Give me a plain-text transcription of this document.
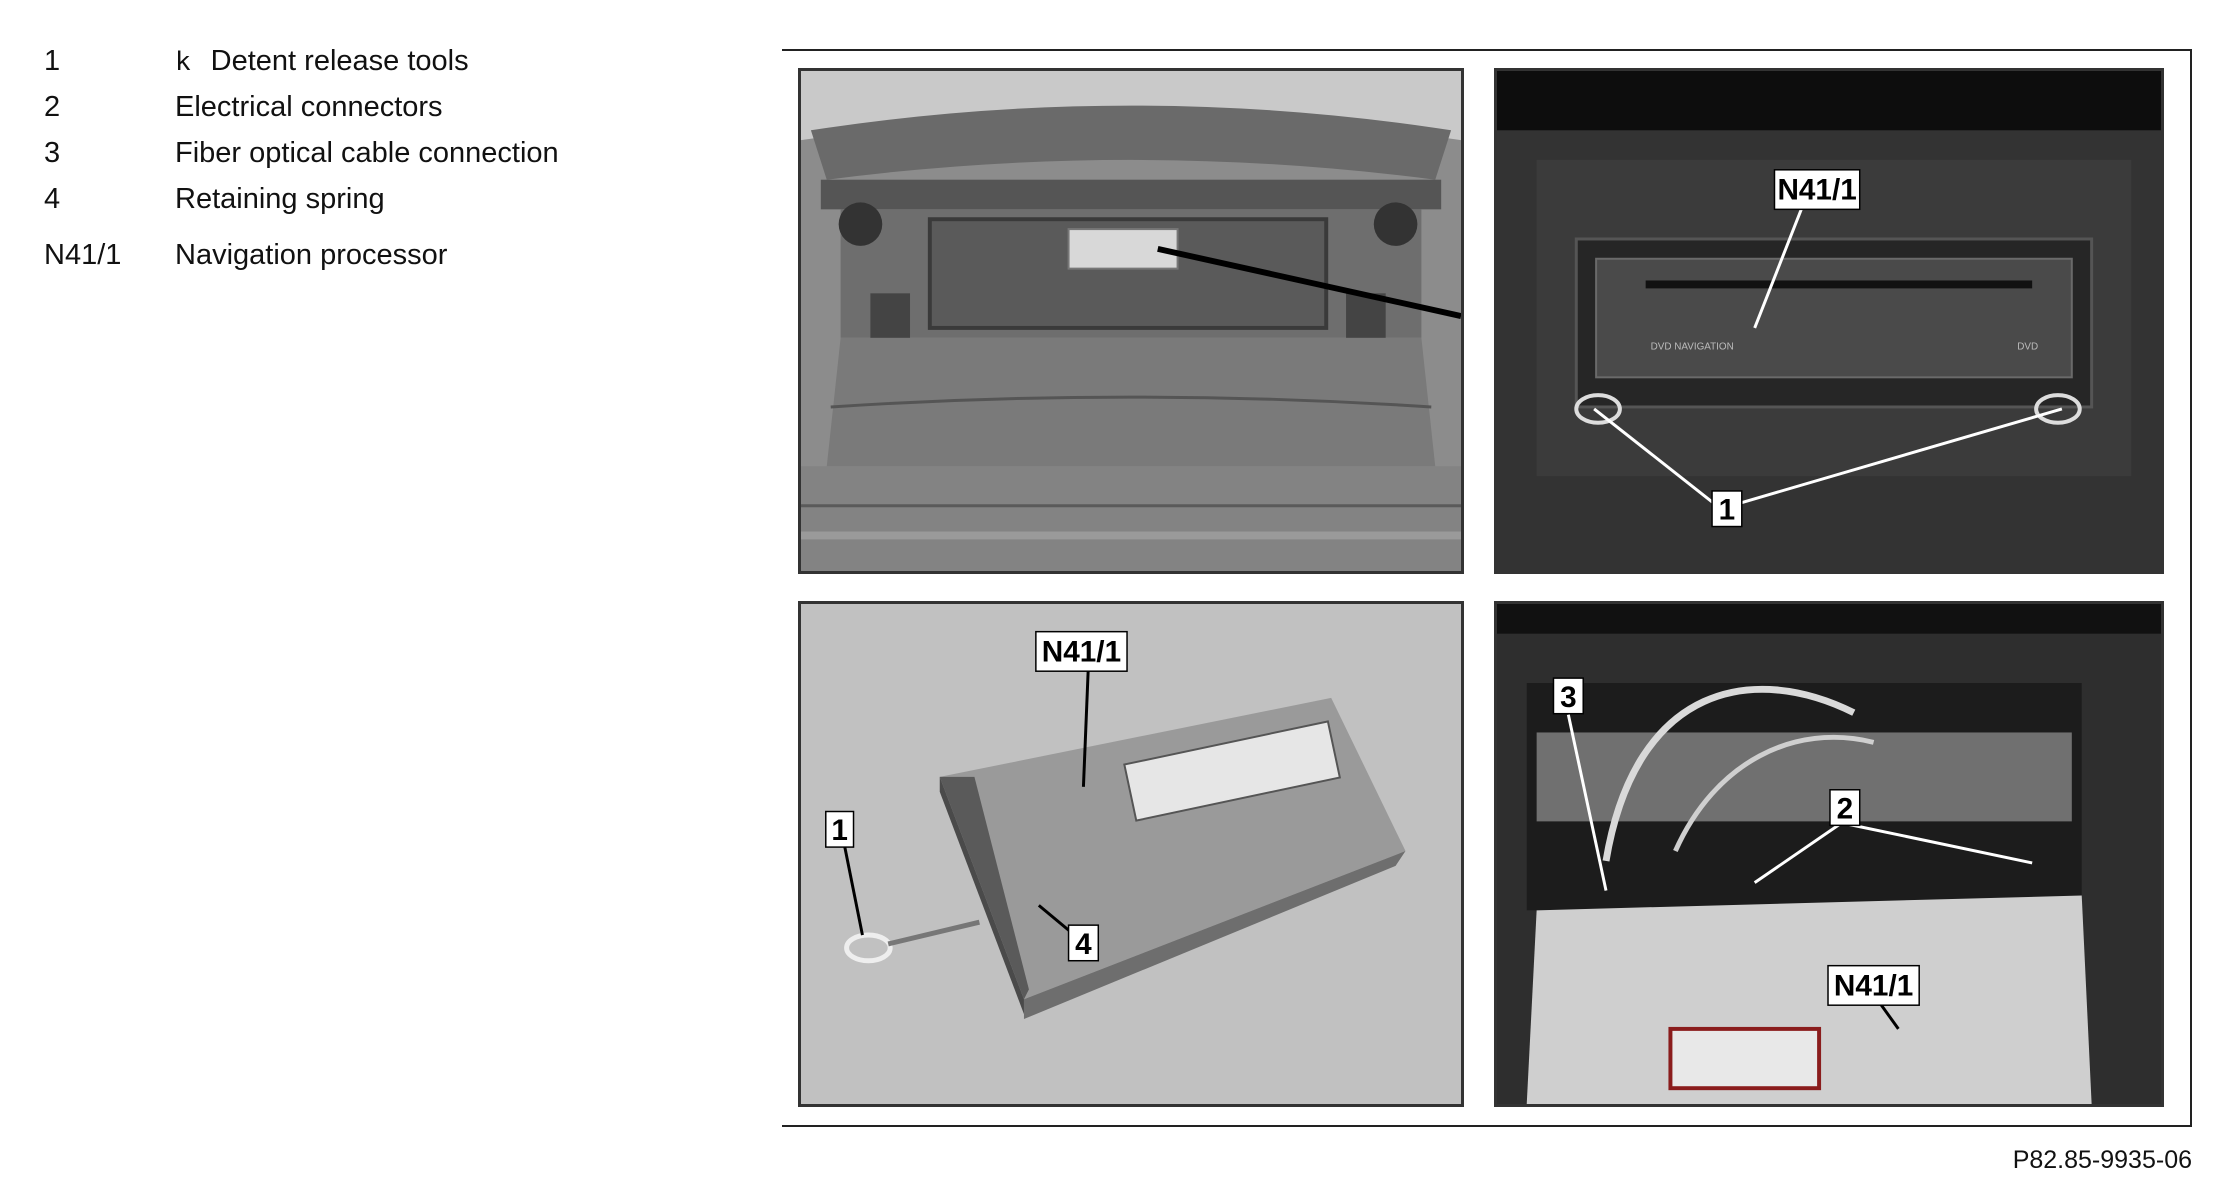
1	k Detent release tools
2	Electrical connectors
3	Fiber optical cable connection
4	Retaining spring
N41/1 Navigation processor
DVD NAVIGATION	DVD
N41/1
1
N41/1
1
4
3
2
N41/1
P82.85-9935-06
